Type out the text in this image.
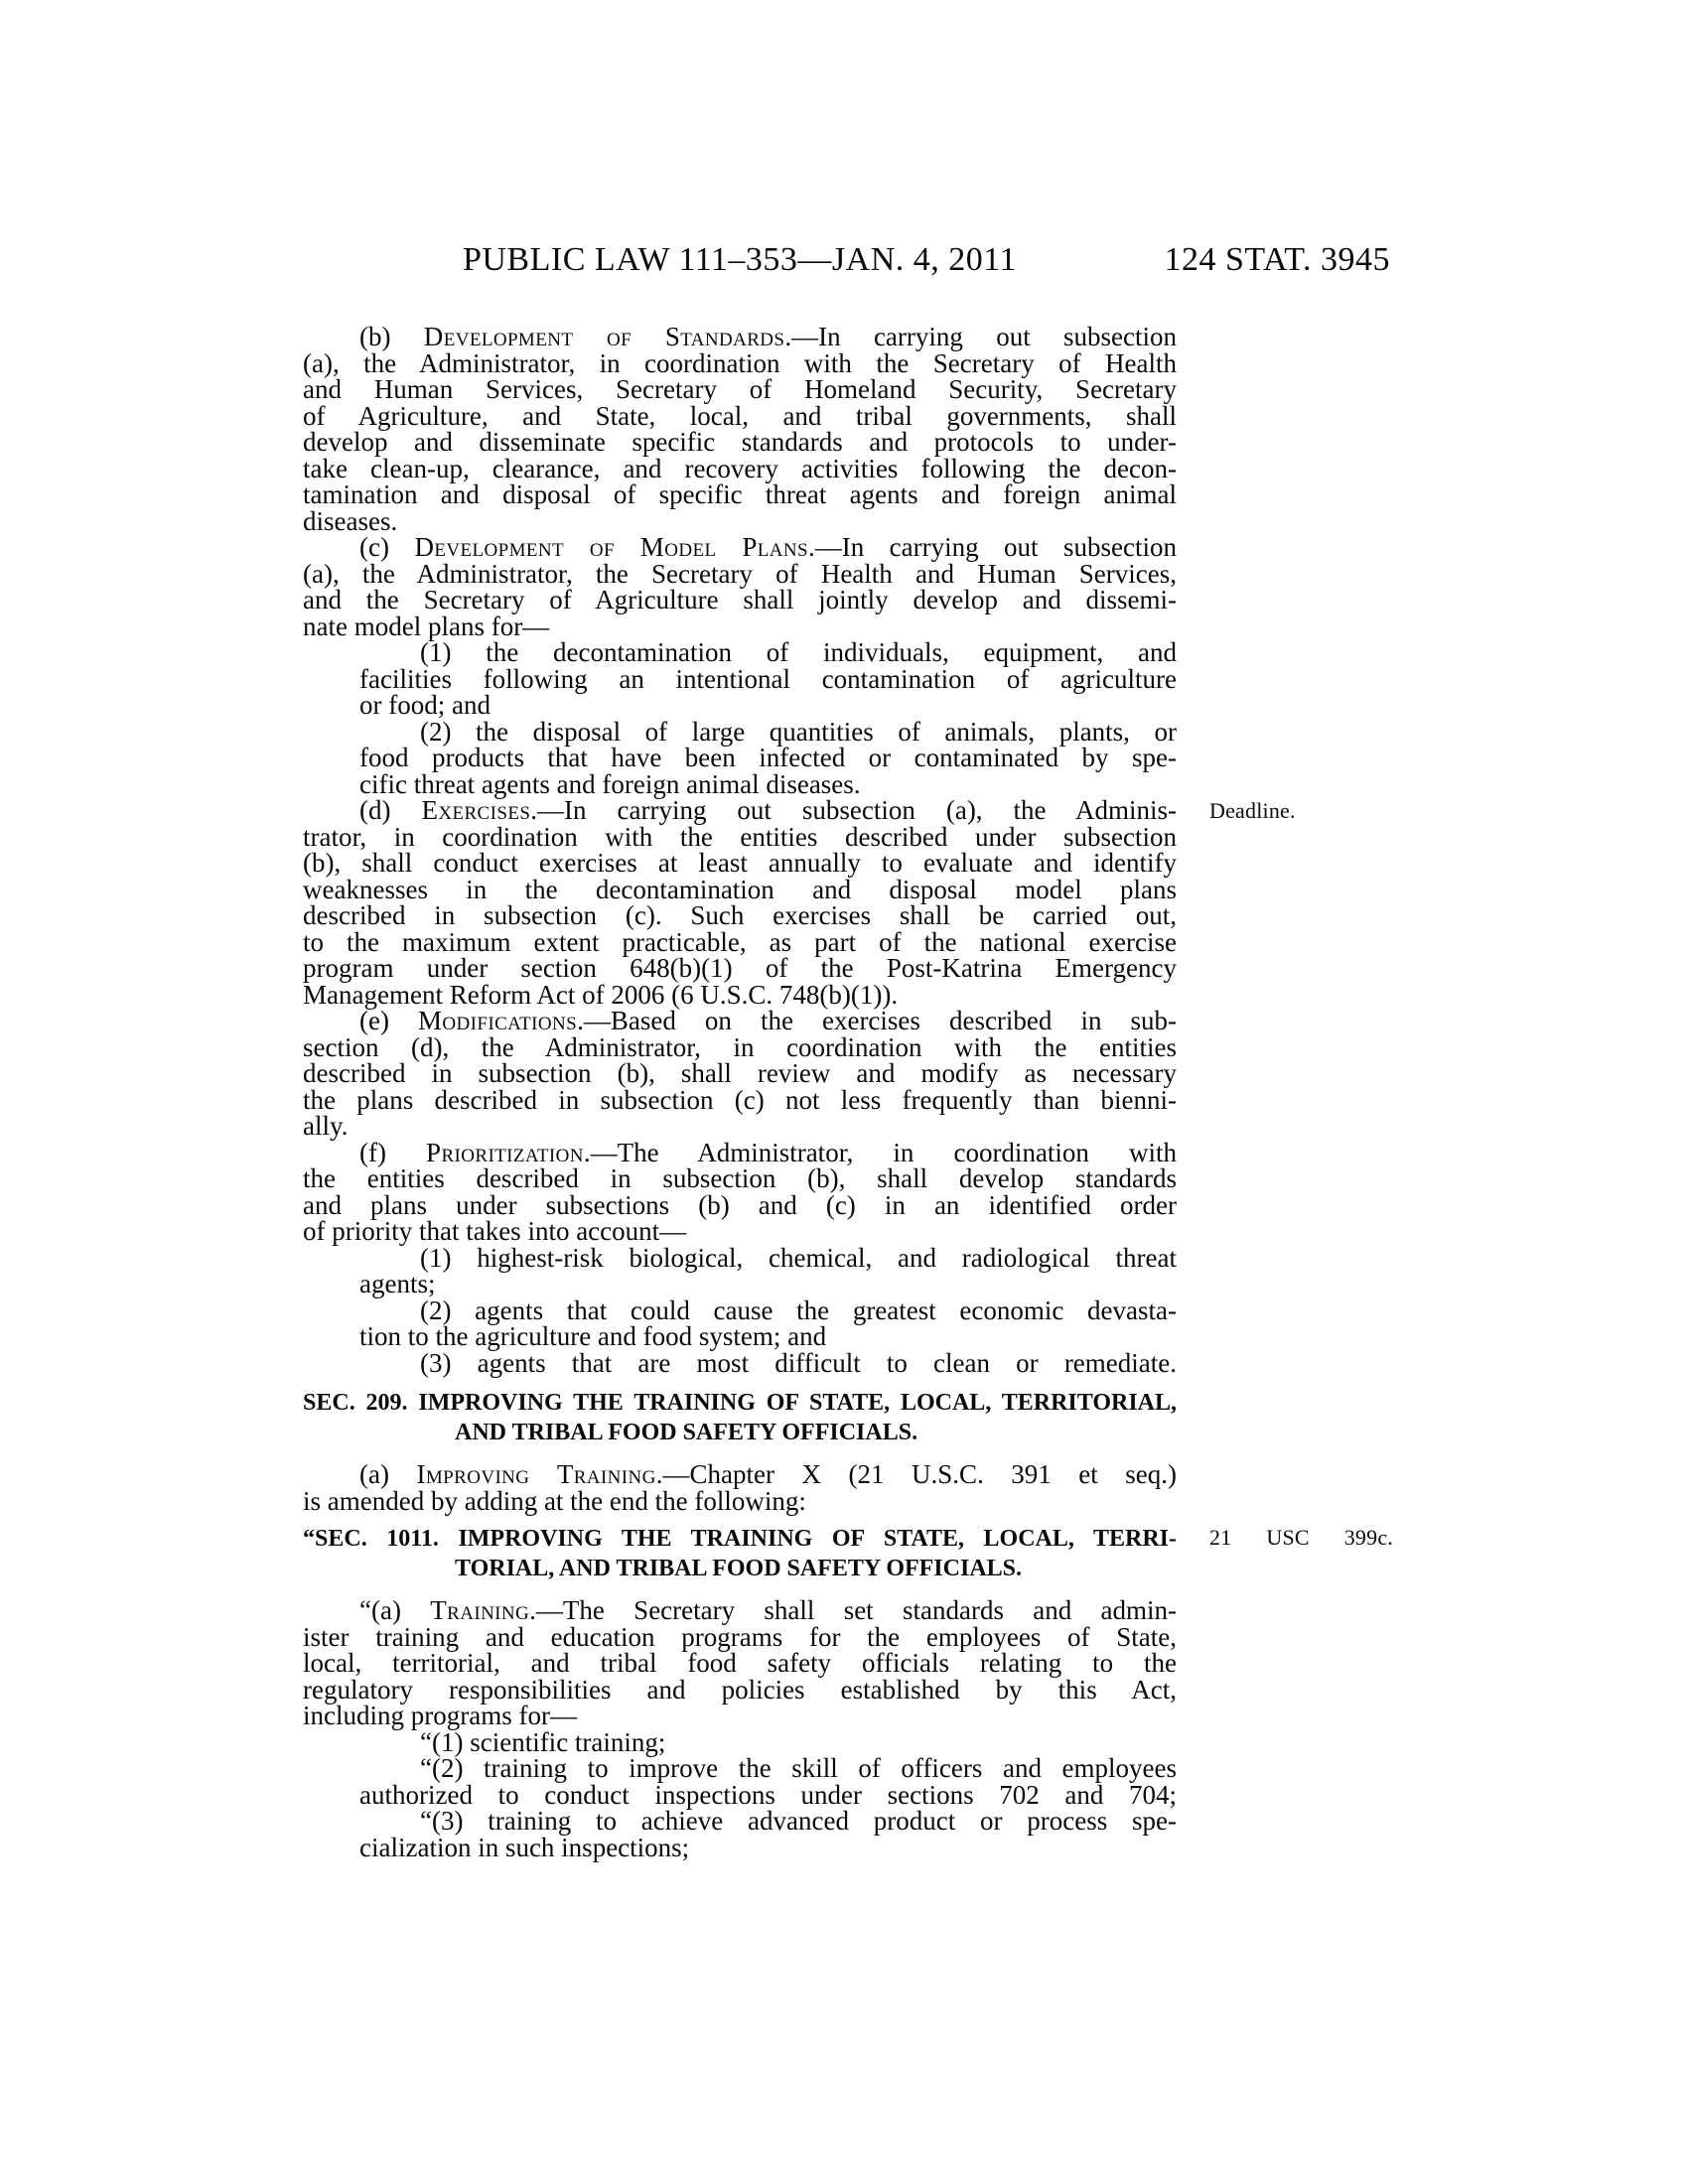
PUBLIC LAW 111–353—JAN. 4, 2011	124 STAT. 3945
(b) Development of Standards.—In carrying out subsection
(a), the Administrator, in coordination with the Secretary of Health
and Human Services, Secretary of Homeland Security, Secretary
of Agriculture, and State, local, and tribal governments, shall
develop and disseminate specific standards and protocols to under-
take clean-up, clearance, and recovery activities following the decon-
tamination and disposal of specific threat agents and foreign animal
diseases.
(c) Development of Model Plans.—In carrying out subsection
(a), the Administrator, the Secretary of Health and Human Services,
and the Secretary of Agriculture shall jointly develop and dissemi-
nate model plans for—
(1) the decontamination of individuals, equipment, and
facilities following an intentional contamination of agriculture
or food; and
(2) the disposal of large quantities of animals, plants, or
food products that have been infected or contaminated by spe-
cific threat agents and foreign animal diseases.
(d) Exercises.—In carrying out subsection (a), the Adminis- Deadline.
trator, in coordination with the entities described under subsection
(b), shall conduct exercises at least annually to evaluate and identify
weaknesses in the decontamination and disposal model plans
described in subsection (c). Such exercises shall be carried out,
to the maximum extent practicable, as part of the national exercise
program under section 648(b)(1) of the Post-Katrina Emergency
Management Reform Act of 2006 (6 U.S.C. 748(b)(1)).
(e) Modifications.—Based on the exercises described in sub-
section (d), the Administrator, in coordination with the entities
described in subsection (b), shall review and modify as necessary
the plans described in subsection (c) not less frequently than bienni-
ally.
(f) Prioritization.—The Administrator, in coordination with
the entities described in subsection (b), shall develop standards
and plans under subsections (b) and (c) in an identified order
of priority that takes into account—
(1) highest-risk biological, chemical, and radiological threat
agents;
(2) agents that could cause the greatest economic devasta-
tion to the agriculture and food system; and
(3) agents that are most difficult to clean or remediate.
SEC. 209. IMPROVING THE TRAINING OF STATE, LOCAL, TERRITORIAL,
AND TRIBAL FOOD SAFETY OFFICIALS.
(a) Improving Training.—Chapter X (21 U.S.C. 391 et seq.)
is amended by adding at the end the following:
“SEC. 1011. IMPROVING THE TRAINING OF STATE, LOCAL, TERRI- 21 USC 399c.
TORIAL, AND TRIBAL FOOD SAFETY OFFICIALS.
“(a) Training.—The Secretary shall set standards and admin-
ister training and education programs for the employees of State,
local, territorial, and tribal food safety officials relating to the
regulatory responsibilities and policies established by this Act,
including programs for—
“(1) scientific training;
“(2) training to improve the skill of officers and employees
authorized to conduct inspections under sections 702 and 704;
“(3) training to achieve advanced product or process spe-
cialization in such inspections;
